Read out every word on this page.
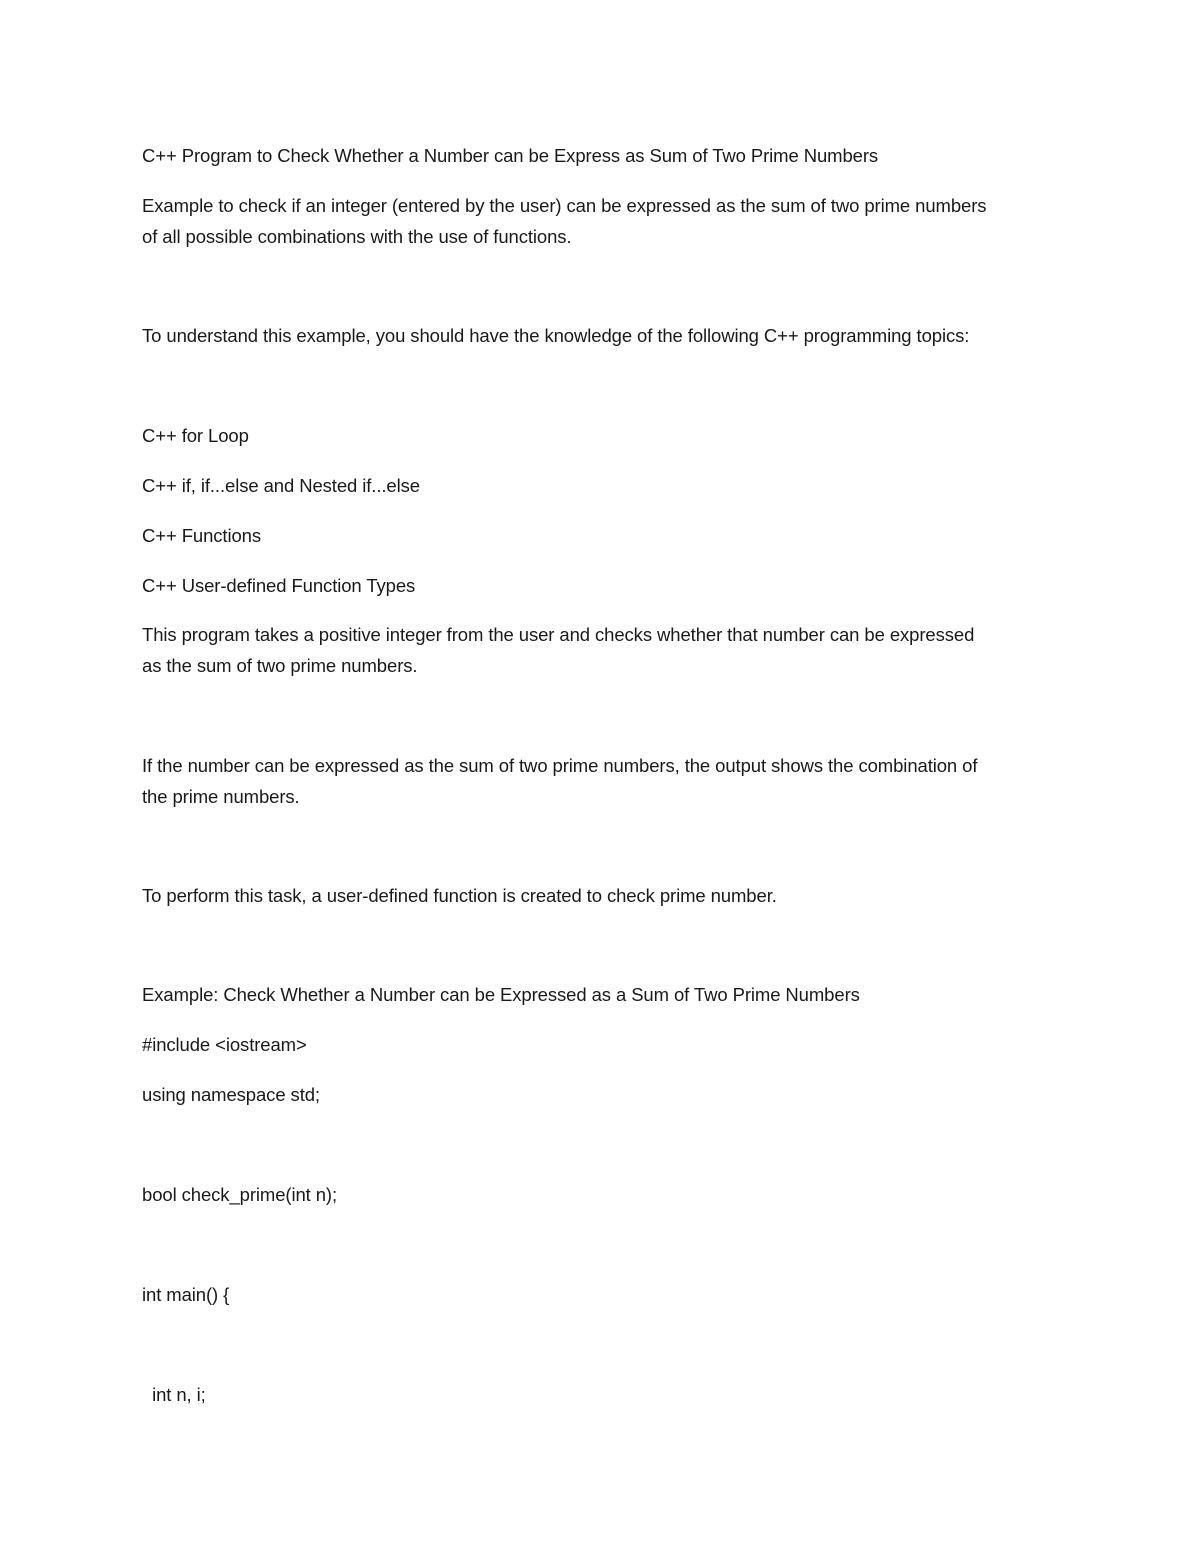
C++ Program to Check Whether a Number can be Express as Sum of Two Prime Numbers

Example to check if an integer (entered by the user) can be expressed as the sum of two prime numbers

of all possible combinations with the use of functions.

To understand this example, you should have the knowledge of the following C++ programming topics:

C++ for Loop

C++ if, if...else and Nested if...else

C++ Functions

C++ User-defined Function Types

This program takes a positive integer from the user and checks whether that number can be expressed

as the sum of two prime numbers.

If the number can be expressed as the sum of two prime numbers, the output shows the combination of

the prime numbers.

To perform this task, a user-defined function is created to check prime number.

Example: Check Whether a Number can be Expressed as a Sum of Two Prime Numbers

#include <iostream>

using namespace std;

bool check_prime(int n);

int main() {

int n, i;
